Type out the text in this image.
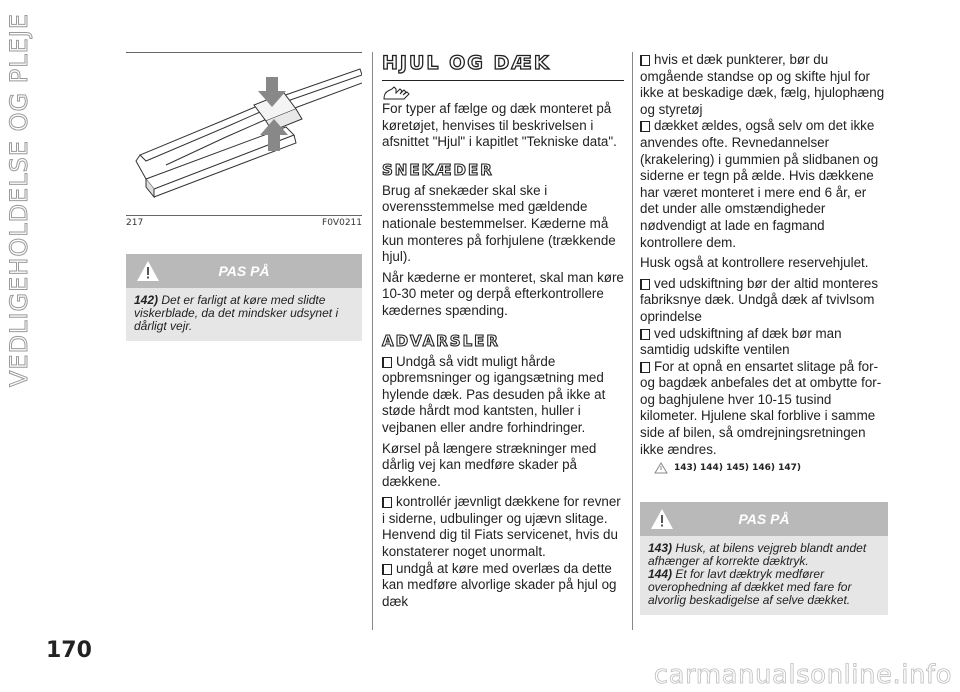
VEDLIGEHOLDELSE OG PLEJE	217	F0V0211
PAS PÅ
142) Det er farligt at køre med slidte viskerblade, da det mindsker udsynet i dårligt vejr.
HJUL OG DÆK

For typer af fælge og dæk monteret på køretøjet, henvises til beskrivelsen i afsnittet "Hjul" i kapitlet "Tekniske data".

SNEKÆDER

Brug af snekæder skal ske i overensstemmelse med gældende nationale bestemmelser. Kæderne må kun monteres på forhjulene (trækkende hjul).

Når kæderne er monteret, skal man køre 10-30 meter og derpå efterkontrollere kædernes spænding.

ADVARSLER

Undgå så vidt muligt hårde opbremsninger og igangsætning med hylende dæk. Pas desuden på ikke at støde hårdt mod kantsten, huller i vejbanen eller andre forhindringer.

Kørsel på længere strækninger med dårlig vej kan medføre skader på dækkene.

kontrollér jævnligt dækkene for revner i siderne, udbulinger og ujævn slitage. Henvend dig til Fiats servicenet, hvis du konstaterer noget unormalt.

undgå at køre med overlæs da dette kan medføre alvorlige skader på hjul og dæk

hvis et dæk punkterer, bør du omgående standse op og skifte hjul for ikke at beskadige dæk, fælg, hjulophæng og styretøj

dækket ældes, også selv om det ikke anvendes ofte. Revnedannelser (krakelering) i gummien på slidbanen og siderne er tegn på ælde. Hvis dækkene har været monteret i mere end 6 år, er det under alle omstændigheder nødvendigt at lade en fagmand kontrollere dem.

Husk også at kontrollere reservehjulet.

ved udskiftning bør der altid monteres fabriksnye dæk. Undgå dæk af tvivlsom oprindelse

ved udskiftning af dæk bør man samtidig udskifte ventilen

For at opnå en ensartet slitage på for- og bagdæk anbefales det at ombytte for- og baghjulene hver 10-15 tusind kilometer. Hjulene skal forblive i samme side af bilen, så omdrejningsretningen ikke ændres.

143) 144) 145) 146) 147)
PAS PÅ
143) Husk, at bilens vejgreb blandt andet afhænger af korrekte dæktryk.
144) Et for lavt dæktryk medfører overophedning af dækket med fare for alvorlig beskadigelse af selve dækket.
170
carmanualsonline.info
